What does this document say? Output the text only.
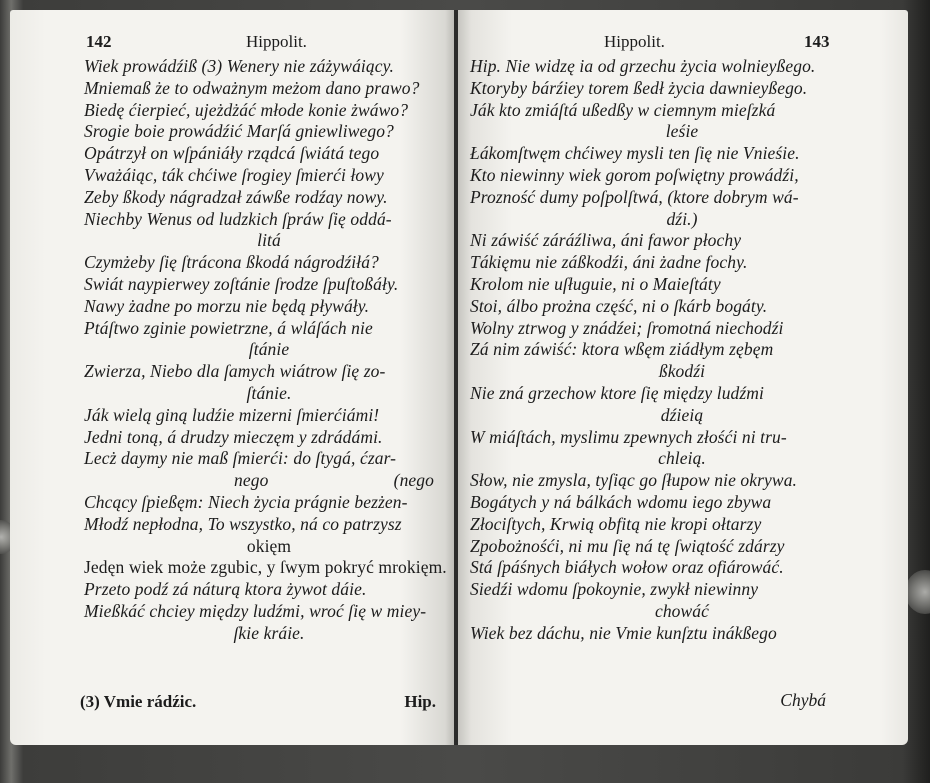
142	Hippolit.
Wiek prowádźiß (3) Wenery nie záżywáiący.
Mniemaß że to odważnym meżom dano prawo?
Biedę ćierpieć, ujeżdżáć młode konie żwáwo?
Srogie boie prowádźić Marſá gniewliwego?
Opátrzył on wſpániáły rządcá ſwiátá tego
Vważáiąc, ták chćiwe ſrogiey ſmierći łowy
Zeby ßkody nágradzał záwße rodźay nowy.
Niechby Wenus od ludzkich ſpráw ſię oddá-
litá
Czymżeby ſię ſtrácona ßkodá nágrodźiłá?
Swiát naypierwey zoſtánie ſrodze ſpuſtoßáły.
Nawy żadne po morzu nie będą pływáły.
Ptáſtwo zginie powietrzne, á wláſách nie
ſtánie
Zwierza, Niebo dla ſamych wiátrow ſię zo-
ſtánie.
Ják wielą giną ludźie mizerni ſmierćiámi!
Jedni toną, á drudzy mieczęm y zdrádámi.
Lecż daymy nie maß ſmierći: do ſtygá, ćzar-
nego	(nego
Chcący ſpießęm: Niech życia prágnie bezżen-
Młodź nepłodna, To wszystko, ná co patrzysz
okięm
Jedęn wiek może zgubic, y ſwym pokryć mrokięm.
Przeto podź zá náturą ktora żywot dáie.
Mießkáć chciey między ludźmi, wroć ſię w miey-
ſkie kráie.
(3) Vmie rádźic.	Hip.
Hippolit.	143
Hip. Nie widzę ia od grzechu życia wolnieyßego.
Ktoryby bárźiey torem ßedł życia dawnieyßego.
Ják kto zmiáſtá ußedßy w ciemnym mieſzká
leśie
Łákomſtwęm chćiwey mysli ten ſię nie Vnieśie.
Kto niewinny wiek gorom poſwiętny prowádźi,
Prozność dumy poſpolſtwá, (ktore dobrym wá-
dźi.)
Ni záwiść záráźliwa, áni fawor płochy
Tákięmu nie záßkodźi, áni żadne fochy.
Krolom nie uſługuie, ni o Maieſtáty
Stoi, álbo prożna część, ni o ſkárb bogáty.
Wolny ztrwog y znádźei; ſromotná niechodźi
Zá nim záwiść: ktora wßęm ziádłym zębęm
ßkodźi
Nie zná grzechow ktore ſię między ludźmi
dźieią
W miáſtách, myslimu zpewnych złośći ni tru-
chleią.
Słow, nie zmysla, tyſiąc go ſłupow nie okrywa.
Bogátych y ná bálkách wdomu iego zbywa
Złociſtych, Krwią obfitą nie kropi ołtarzy
Zpobożnośći, ni mu ſię ná tę ſwiątość zdárzy
Stá ſpáśnych biáłych wołow oraz ofiárowáć.
Siedźi wdomu ſpokoynie, zwykł niewinny
chowáć
Wiek bez dáchu, nie Vmie kunſztu inákßego
Chybá
